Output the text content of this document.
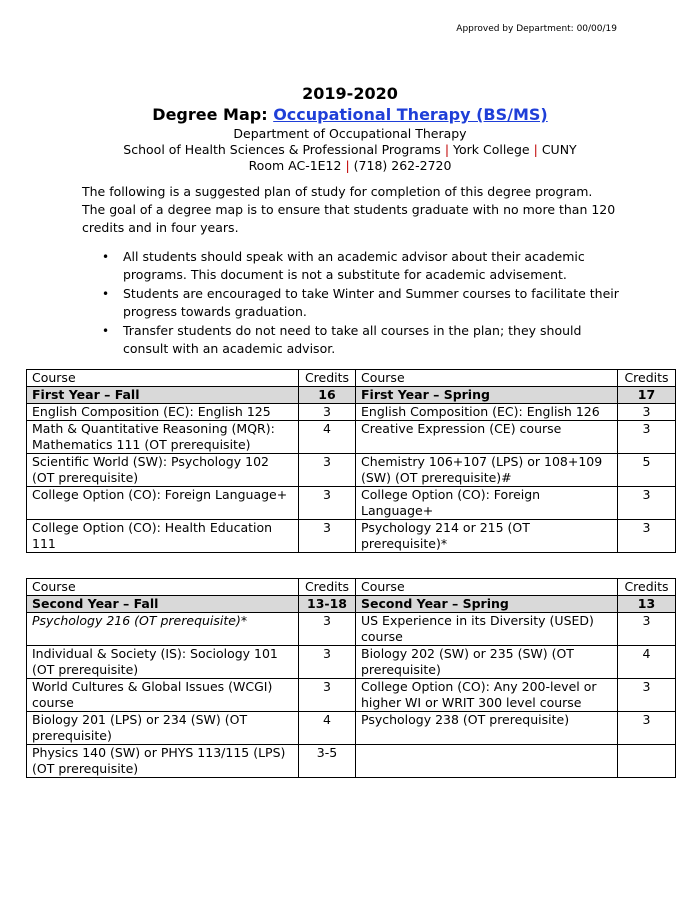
Approved by Department: 00/00/19
2019-2020
Degree Map: Occupational Therapy (BS/MS)
Department of Occupational Therapy
School of Health Sciences & Professional Programs | York College | CUNY
Room AC-1E12 | (718) 262-2720
The following is a suggested plan of study for completion of this degree program. The goal of a degree map is to ensure that students graduate with no more than 120 credits and in four years.
• All students should speak with an academic advisor about their academic programs. This document is not a substitute for academic advisement.
• Students are encouraged to take Winter and Summer courses to facilitate their progress towards graduation.
• Transfer students do not need to take all courses in the plan; they should consult with an academic advisor.
Course	Credits	Course	Credits
First Year – Fall	16	First Year – Spring	17
English Composition (EC): English 125	3	English Composition (EC): English 126	3
Math & Quantitative Reasoning (MQR): Mathematics 111 (OT prerequisite)	4	Creative Expression (CE) course	3
Scientific World (SW): Psychology 102 (OT prerequisite)	3	Chemistry 106+107 (LPS) or 108+109 (SW) (OT prerequisite)#	5
College Option (CO): Foreign Language+	3	College Option (CO): Foreign Language+	3
College Option (CO): Health Education 111	3	Psychology 214 or 215 (OT prerequisite)*	3
Course	Credits	Course	Credits
Second Year – Fall	13-18	Second Year – Spring	13
Psychology 216 (OT prerequisite)*	3	US Experience in its Diversity (USED) course	3
Individual & Society (IS): Sociology 101 (OT prerequisite)	3	Biology 202 (SW) or 235 (SW) (OT prerequisite)	4
World Cultures & Global Issues (WCGI) course	3	College Option (CO): Any 200-level or higher WI or WRIT 300 level course	3
Biology 201 (LPS) or 234 (SW) (OT prerequisite)	4	Psychology 238 (OT prerequisite)	3
Physics 140 (SW) or PHYS 113/115 (LPS) (OT prerequisite)	3-5		
